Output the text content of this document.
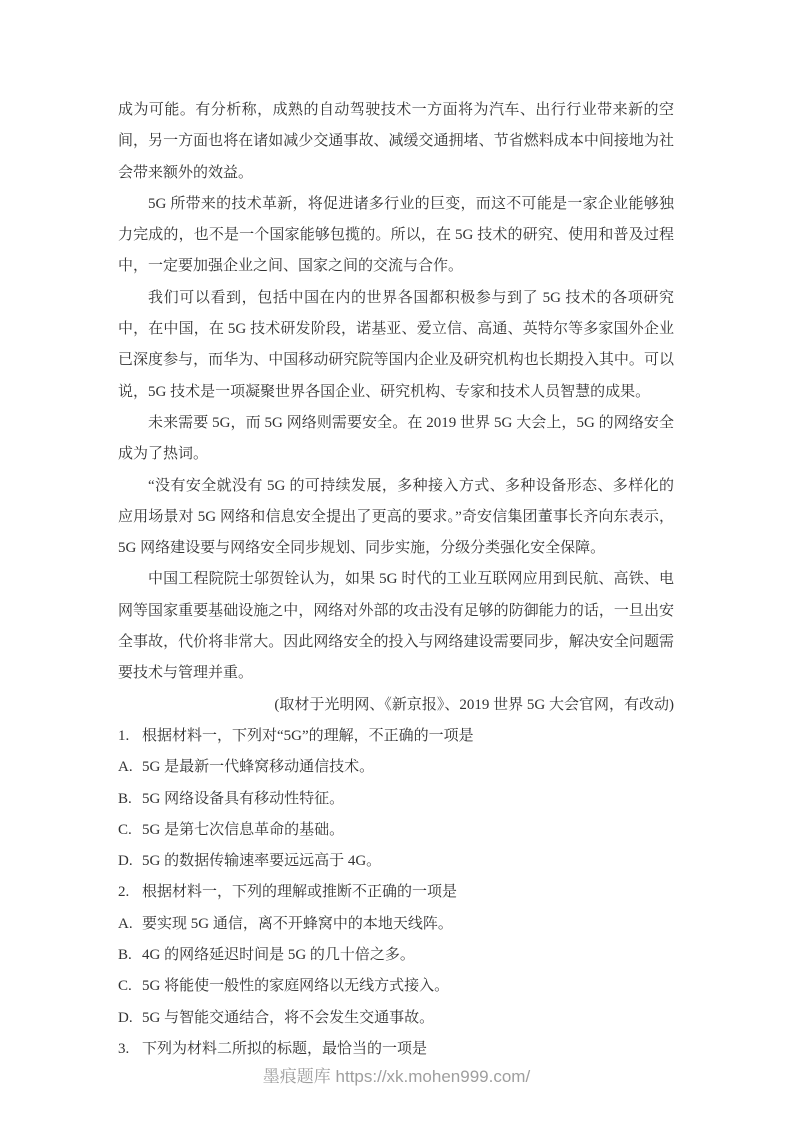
成为可能。有分析称，成熟的自动驾驶技术一方面将为汽车、出行行业带来新的空间，另一方面也将在诸如减少交通事故、减缓交通拥堵、节省燃料成本中间接地为社会带来额外的效益。

5G 所带来的技术革新，将促进诸多行业的巨变，而这不可能是一家企业能够独力完成的，也不是一个国家能够包揽的。所以，在 5G 技术的研究、使用和普及过程中，一定要加强企业之间、国家之间的交流与合作。

我们可以看到，包括中国在内的世界各国都积极参与到了 5G 技术的各项研究中，在中国，在 5G 技术研发阶段，诺基亚、爱立信、高通、英特尔等多家国外企业已深度参与，而华为、中国移动研究院等国内企业及研究机构也长期投入其中。可以说，5G 技术是一项凝聚世界各国企业、研究机构、专家和技术人员智慧的成果。

未来需要 5G，而 5G 网络则需要安全。在 2019 世界 5G 大会上，5G 的网络安全成为了热词。

“没有安全就没有 5G 的可持续发展，多种接入方式、多种设备形态、多样化的应用场景对 5G 网络和信息安全提出了更高的要求。”奇安信集团董事长齐向东表示，5G 网络建设要与网络安全同步规划、同步实施，分级分类强化安全保障。

中国工程院院士邬贺铨认为，如果 5G 时代的工业互联网应用到民航、高铁、电网等国家重要基础设施之中，网络对外部的攻击没有足够的防御能力的话，一旦出安全事故，代价将非常大。因此网络安全的投入与网络建设需要同步，解决安全问题需要技术与管理并重。

(取材于光明网、《新京报》、2019 世界 5G 大会官网，有改动)

1. 根据材料一，下列对“5G”的理解，不正确的一项是
A. 5G 是最新一代蜂窝移动通信技术。
B. 5G 网络设备具有移动性特征。
C. 5G 是第七次信息革命的基础。
D. 5G 的数据传输速率要远远高于 4G。
2. 根据材料一，下列的理解或推断不正确的一项是
A. 要实现 5G 通信，离不开蜂窝中的本地天线阵。
B. 4G 的网络延迟时间是 5G 的几十倍之多。
C. 5G 将能使一般性的家庭网络以无线方式接入。
D. 5G 与智能交通结合，将不会发生交通事故。
3. 下列为材料二所拟的标题，最恰当的一项是
墨痕题库 https://xk.mohen999.com/
